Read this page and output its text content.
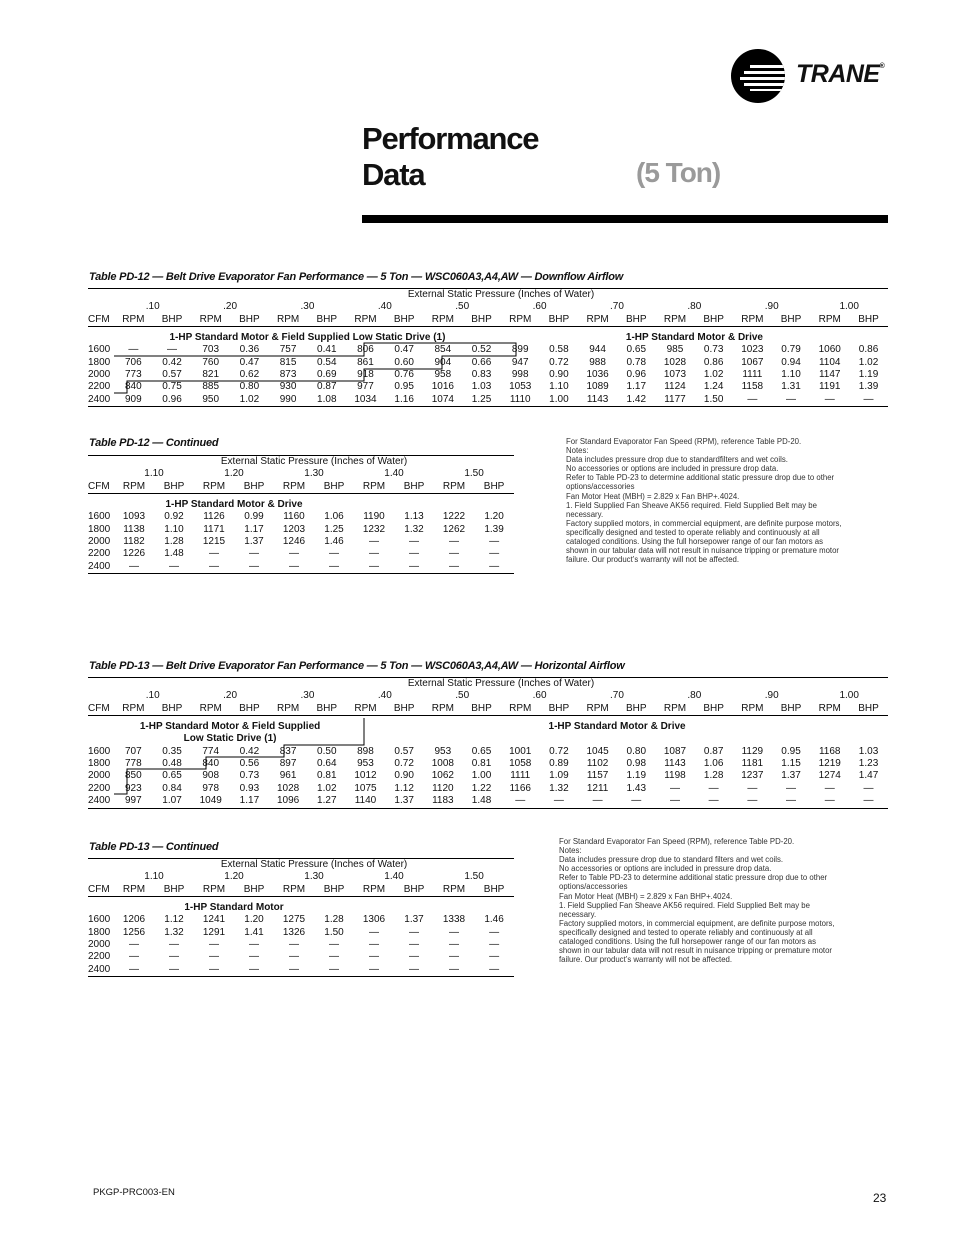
TRANE®
Performance
Data	(5 Ton)
Table PD-12 — Belt Drive Evaporator Fan Performance — 5 Ton — WSC060A3,A4,AW — Downflow Airflow
	External Static Pressure (Inches of Water)																			
	.10		.20		.30		.40		.50		.60		.70		.80		.90		1.00	
CFM	RPM	BHP	RPM	BHP	RPM	BHP	RPM	BHP	RPM	BHP	RPM	BHP	RPM	BHP	RPM	BHP	RPM	BHP	RPM	BHP

	1-HP Standard Motor & Field Supplied Low Static Drive (1)										1-HP Standard Motor & Drive									
1600	—	—	703	0.36	757	0.41	806	0.47	854	0.52	899	0.58	944	0.65	985	0.73	1023	0.79	1060	0.86
1800	706	0.42	760	0.47	815	0.54	861	0.60	904	0.66	947	0.72	988	0.78	1028	0.86	1067	0.94	1104	1.02
2000	773	0.57	821	0.62	873	0.69	918	0.76	958	0.83	998	0.90	1036	0.96	1073	1.02	1111	1.10	1147	1.19
2200	840	0.75	885	0.80	930	0.87	977	0.95	1016	1.03	1053	1.10	1089	1.17	1124	1.24	1158	1.31	1191	1.39
2400	909	0.96	950	1.02	990	1.08	1034	1.16	1074	1.25	1110	1.00	1143	1.42	1177	1.50	—	—	—	—
Table PD-12 — Continued
	External Static Pressure (Inches of Water)									
	1.10		1.20		1.30		1.40		1.50	
CFM	RPM	BHP	RPM	BHP	RPM	BHP	RPM	BHP	RPM	BHP

	1-HP Standard Motor & Drive									
1600	1093	0.92	1126	0.99	1160	1.06	1190	1.13	1222	1.20
1800	1138	1.10	1171	1.17	1203	1.25	1232	1.32	1262	1.39
2000	1182	1.28	1215	1.37	1246	1.46	—	—	—	—
2200	1226	1.48	—	—	—	—	—	—	—	—
2400	—	—	—	—	—	—	—	—	—	—
For Standard Evaporator Fan Speed (RPM), reference Table PD-20.
Notes:
Data includes pressure drop due to standardfilters and wet coils.
No accessories or options are included in pressure drop data.
Refer to Table PD-23 to determine additional static pressure drop due to other
options/accessories
Fan Motor Heat (MBH) = 2.829 x Fan BHP+.4024.
1. Field Supplied Fan Sheave AK56 required. Field Supplied Belt may be
necessary.
Factory supplied motors, in commercial equipment, are definite purpose motors,
specifically designed and tested to operate reliably and continuously at all
cataloged conditions. Using the full horsepower range of our fan motors as
shown in our tabular data will not result in nuisance tripping or premature motor
failure. Our product’s warranty will not be affected.
Table PD-13 — Belt Drive Evaporator Fan Performance — 5 Ton — WSC060A3,A4,AW — Horizontal Airflow
	External Static Pressure (Inches of Water)																			
	.10		.20		.30		.40		.50		.60		.70		.80		.90		1.00	
CFM	RPM	BHP	RPM	BHP	RPM	BHP	RPM	BHP	RPM	BHP	RPM	BHP	RPM	BHP	RPM	BHP	RPM	BHP	RPM	BHP

	1-HP Standard Motor & Field Supplied						1-HP Standard Motor & Drive													
	Low Static Drive (1)																			
1600	707	0.35	774	0.42	837	0.50	898	0.57	953	0.65	1001	0.72	1045	0.80	1087	0.87	1129	0.95	1168	1.03
1800	778	0.48	840	0.56	897	0.64	953	0.72	1008	0.81	1058	0.89	1102	0.98	1143	1.06	1181	1.15	1219	1.23
2000	850	0.65	908	0.73	961	0.81	1012	0.90	1062	1.00	1111	1.09	1157	1.19	1198	1.28	1237	1.37	1274	1.47
2200	923	0.84	978	0.93	1028	1.02	1075	1.12	1120	1.22	1166	1.32	1211	1.43	—	—	—	—	—	—
2400	997	1.07	1049	1.17	1096	1.27	1140	1.37	1183	1.48	—	—	—	—	—	—	—	—	—	—
Table PD-13 — Continued
	External Static Pressure (Inches of Water)									
	1.10		1.20		1.30		1.40		1.50	
CFM	RPM	BHP	RPM	BHP	RPM	BHP	RPM	BHP	RPM	BHP

	1-HP Standard Motor									
1600	1206	1.12	1241	1.20	1275	1.28	1306	1.37	1338	1.46
1800	1256	1.32	1291	1.41	1326	1.50	—	—	—	—
2000	—	—	—	—	—	—	—	—	—	—
2200	—	—	—	—	—	—	—	—	—	—
2400	—	—	—	—	—	—	—	—	—	—
For Standard Evaporator Fan Speed (RPM), reference Table PD-20.
Notes:
Data includes pressure drop due to standard filters and wet coils.
No accessories or options are included in pressure drop data.
Refer to Table PD-23 to determine additional static pressure drop due to other
options/accessories
Fan Motor Heat (MBH) = 2.829 x Fan BHP+.4024.
1. Field Supplied Fan Sheave AK56 required. Field Supplied Belt may be
necessary.
Factory supplied motors, in commercial equipment, are definite purpose motors,
specifically designed and tested to operate reliably and continuously at all
cataloged conditions. Using the full horsepower range of our fan motors as
shown in our tabular data will not result in nuisance tripping or premature motor
failure. Our product’s warranty will not be affected.
PKGP-PRC003-EN	23
